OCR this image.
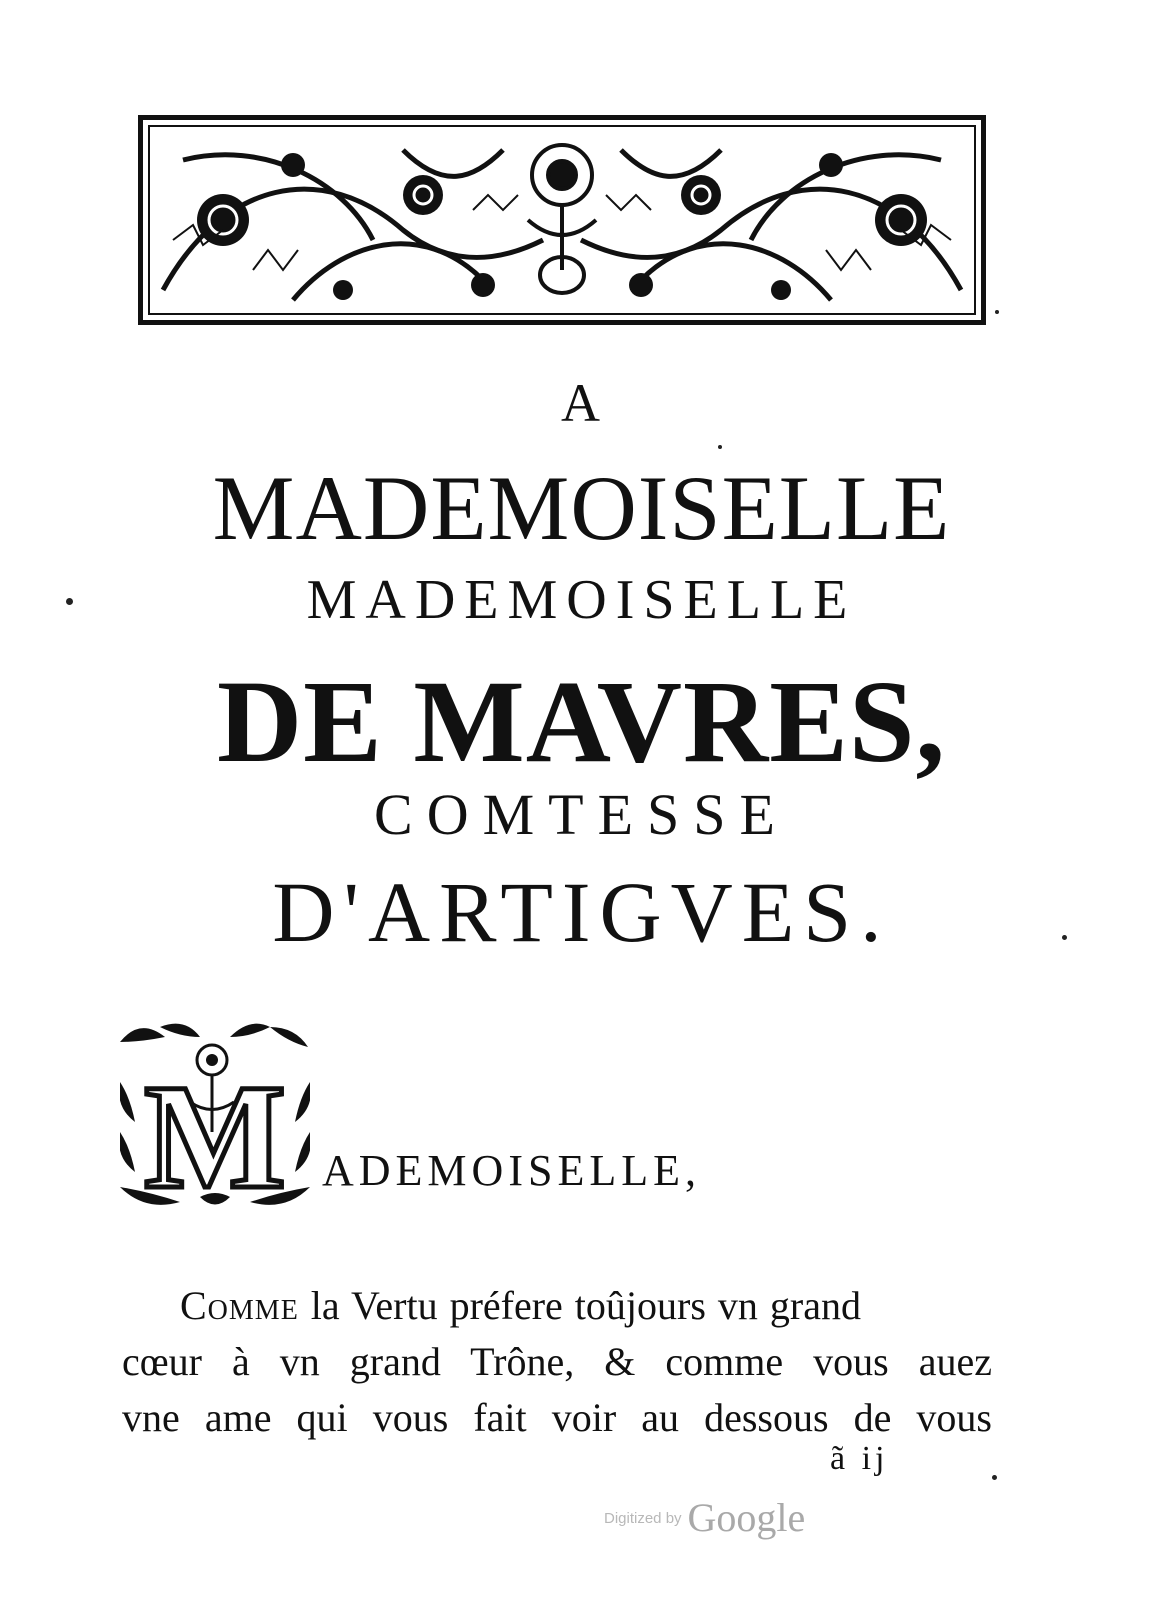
A
MADEMOISELLE
MADEMOISELLE
DE MAVRES,
COMTESSE
D'ARTIGVES.
M ADEMOISELLE,
Comme la Vertu préfere toûjours vn grand
cœur à vn grand Trône, & comme vous auez
vne ame qui vous fait voir au dessous de vous
ã ij
Digitized by Google
